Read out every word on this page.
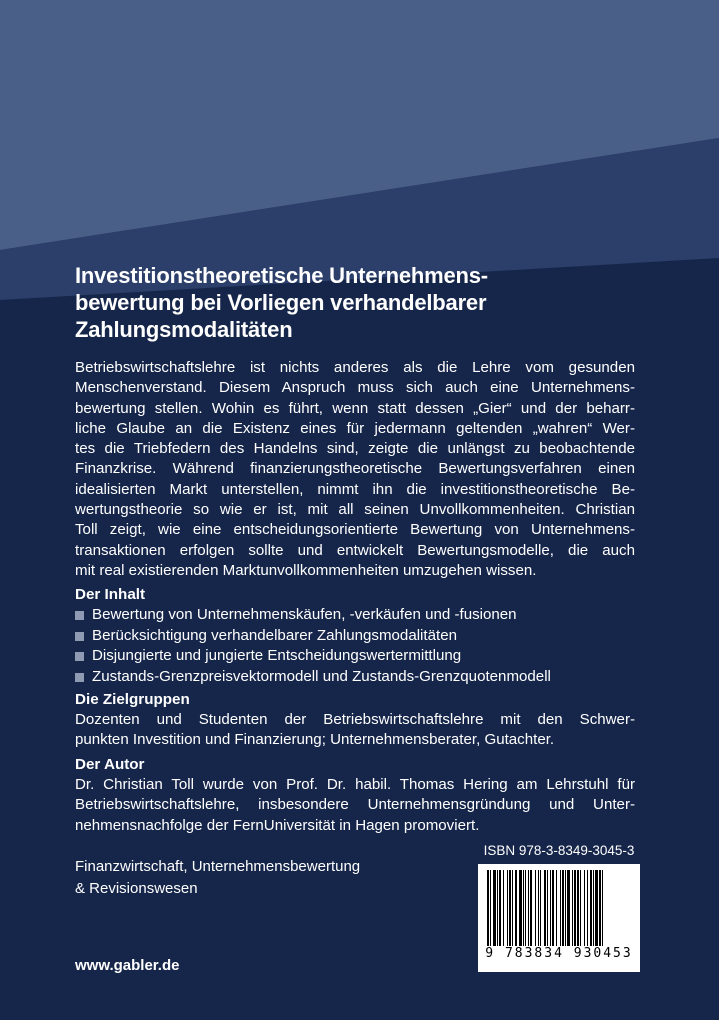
Investitionstheoretische Unternehmens-
bewertung bei Vorliegen verhandelbarer
Zahlungsmodalitäten
Betriebswirtschaftslehre ist nichts anderes als die Lehre vom gesunden
Menschenverstand. Diesem Anspruch muss sich auch eine Unternehmens-
bewertung stellen. Wohin es führt, wenn statt dessen „Gier“ und der beharr-
liche Glaube an die Existenz eines für jedermann geltenden „wahren“ Wer-
tes die Triebfedern des Handelns sind, zeigte die unlängst zu beobachtende
Finanzkrise. Während finanzierungstheoretische Bewertungsverfahren einen
idealisierten Markt unterstellen, nimmt ihn die investitionstheoretische Be-
wertungstheorie so wie er ist, mit all seinen Unvollkommenheiten. Christian
Toll zeigt, wie eine entscheidungsorientierte Bewertung von Unternehmens-
transaktionen erfolgen sollte und entwickelt Bewertungsmodelle, die auch
mit real existierenden Marktunvollkommenheiten umzugehen wissen.
Der Inhalt
Bewertung von Unternehmenskäufen, -verkäufen und -fusionen
Berücksichtigung verhandelbarer Zahlungsmodalitäten
Disjungierte und jungierte Entscheidungswertermittlung
Zustands-Grenzpreisvektormodell und Zustands-Grenzquotenmodell
Die Zielgruppen
Dozenten und Studenten der Betriebswirtschaftslehre mit den Schwer-
punkten Investition und Finanzierung; Unternehmensberater, Gutachter.
Der Autor
Dr. Christian Toll wurde von Prof. Dr. habil. Thomas Hering am Lehrstuhl für
Betriebswirtschaftslehre, insbesondere Unternehmensgründung und Unter-
nehmensnachfolge der FernUniversität in Hagen promoviert.
Finanzwirtschaft, Unternehmensbewertung
& Revisionswesen
www.gabler.de
ISBN 978-3-8349-3045-3
9 783834 930453
